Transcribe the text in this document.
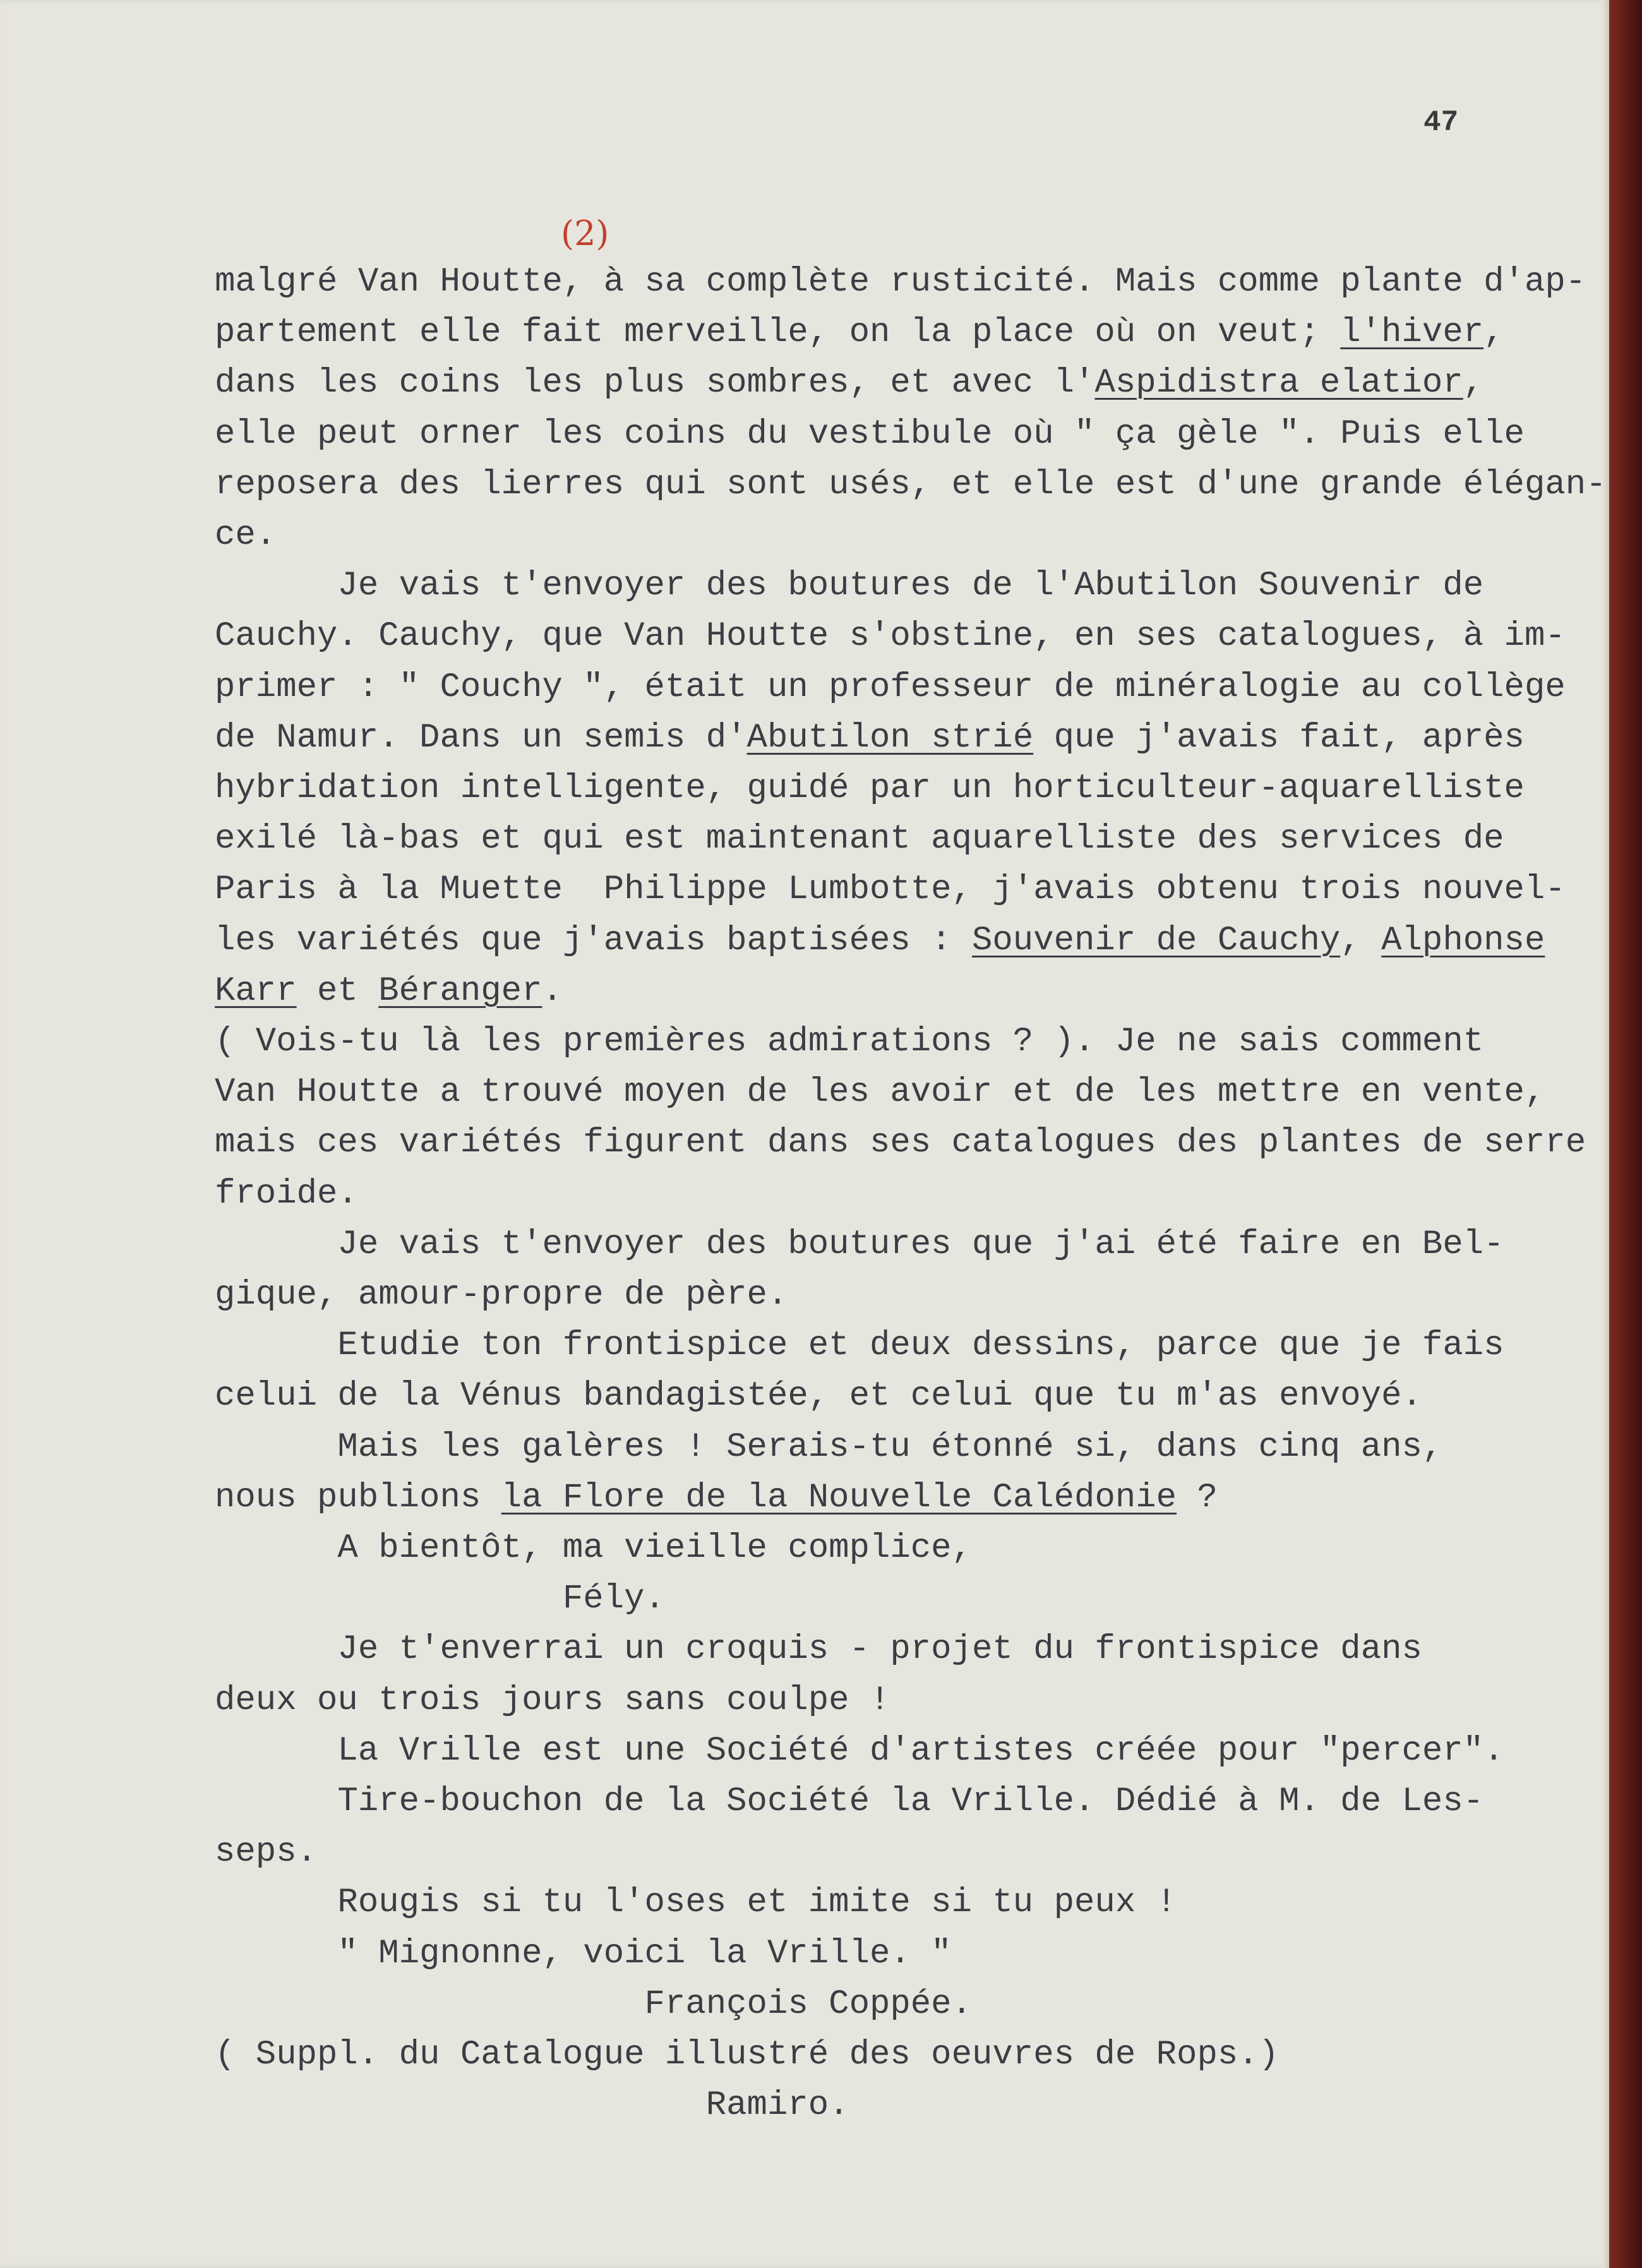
47
(2)
malgré Van Houtte, à sa complète rusticité. Mais comme plante d'ap-
partement elle fait merveille, on la place où on veut; l'hiver,
dans les coins les plus sombres, et avec l'Aspidistra elatior,
elle peut orner les coins du vestibule où " ça gèle ". Puis elle
reposera des lierres qui sont usés, et elle est d'une grande élégan-
ce.
Je vais t'envoyer des boutures de l'Abutilon Souvenir de
Cauchy. Cauchy, que Van Houtte s'obstine, en ses catalogues, à im-
primer : " Couchy ", était un professeur de minéralogie au collège
de Namur. Dans un semis d'Abutilon strié que j'avais fait, après
hybridation intelligente, guidé par un horticulteur-aquarelliste
exilé là-bas et qui est maintenant aquarelliste des services de
Paris à la Muette  Philippe Lumbotte, j'avais obtenu trois nouvel-
les variétés que j'avais baptisées : Souvenir de Cauchy, Alphonse
Karr et Béranger.
( Vois-tu là les premières admirations ? ). Je ne sais comment
Van Houtte a trouvé moyen de les avoir et de les mettre en vente,
mais ces variétés figurent dans ses catalogues des plantes de serre
froide.
Je vais t'envoyer des boutures que j'ai été faire en Bel-
gique, amour-propre de père.
Etudie ton frontispice et deux dessins, parce que je fais
celui de la Vénus bandagistée, et celui que tu m'as envoyé.
Mais les galères ! Serais-tu étonné si, dans cinq ans,
nous publions la Flore de la Nouvelle Calédonie ?
A bientôt, ma vieille complice,
Fély.
Je t'enverrai un croquis - projet du frontispice dans
deux ou trois jours sans coulpe !
La Vrille est une Société d'artistes créée pour "percer".
Tire-bouchon de la Société la Vrille. Dédié à M. de Les-
seps.
Rougis si tu l'oses et imite si tu peux !
" Mignonne, voici la Vrille. "
François Coppée.
( Suppl. du Catalogue illustré des oeuvres de Rops.)
Ramiro.
